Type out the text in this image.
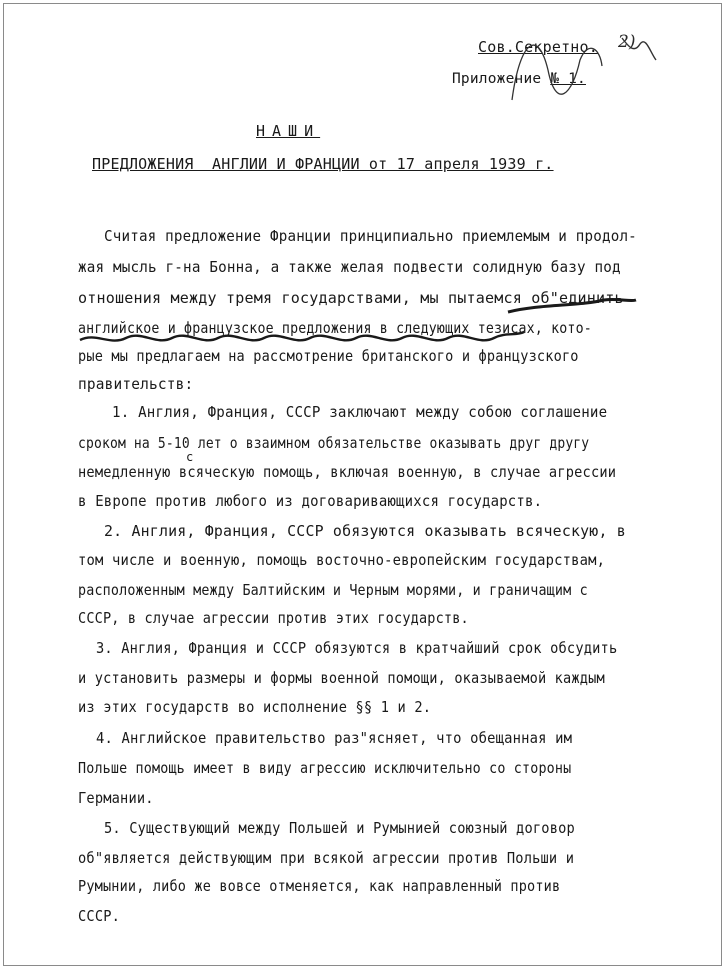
Сов.Секретно.
Приложение № 1.
2)
НАШИ
ПРЕДЛОЖЕНИЯ  АНГЛИИ И ФРАНЦИИ от 17 апреля 1939 г.
Считая предложение Франции принципиально приемлемым и продол-
жая мысль г-на Бонна, а также желая подвести солидную базу под
отношения между тремя государствами, мы пытаемся об"единить
английское и французское предложения в следующих тезисах, кото-
рые мы предлагаем на рассмотрение британского и французского
правительств:
1. Англия, Франция, СССР заключают между собою соглашение
сроком на 5-10 лет о взаимном обязательстве оказывать друг другу
немедленную всяческую помощь, включая военную, в случае агрессии
в Европе против любого из договаривающихся государств.
с
2. Англия, Франция, СССР обязуются оказывать всяческую, в
том числе и военную, помощь восточно-европейским государствам,
расположенным между Балтийским и Черным морями, и граничащим с
СССР, в случае агрессии против этих государств.
3. Англия, Франция и СССР обязуются в кратчайший срок обсудить
и установить размеры и формы военной помощи, оказываемой каждым
из этих государств во исполнение §§ 1 и 2.
4. Английское правительство раз"ясняет, что обещанная им
Польше помощь имеет в виду агрессию исключительно со стороны
Германии.
5. Существующий между Польшей и Румынией союзный договор
об"является действующим при всякой агрессии против Польши и
Румынии, либо же вовсе отменяется, как направленный против
СССР.
